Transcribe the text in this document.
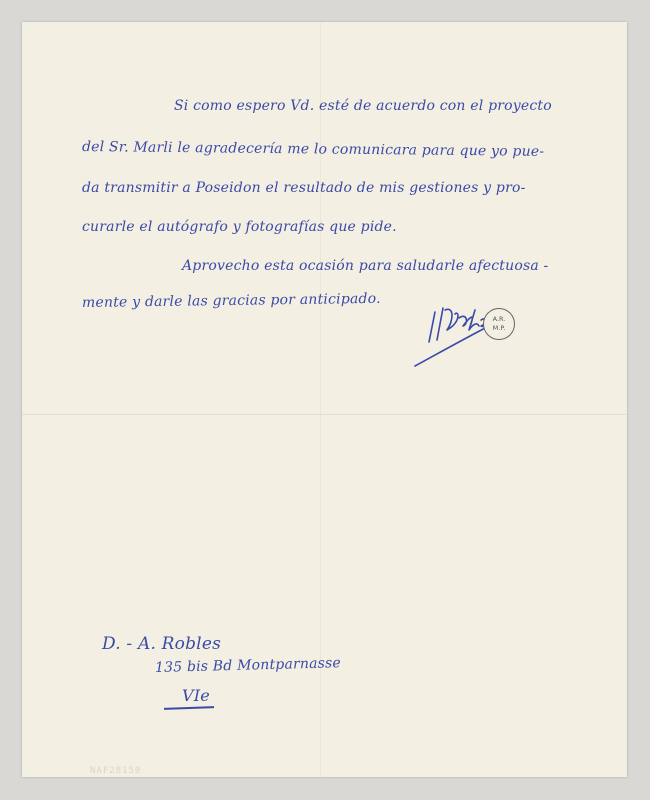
Si como espero Vd. esté de acuerdo con el proyecto
del Sr. Marli le agradecería me lo comunicara para que yo pue-
da transmitir a Poseidon el resultado de mis gestiones y pro-
curarle el autógrafo y fotografías que pide.
Aprovecho esta ocasión para saludarle afectuosa -
mente y darle las gracias por anticipado.
A.R.
M.P.
D. - A. Robles
135 bis Bd Montparnasse
VIe
NAF28150
